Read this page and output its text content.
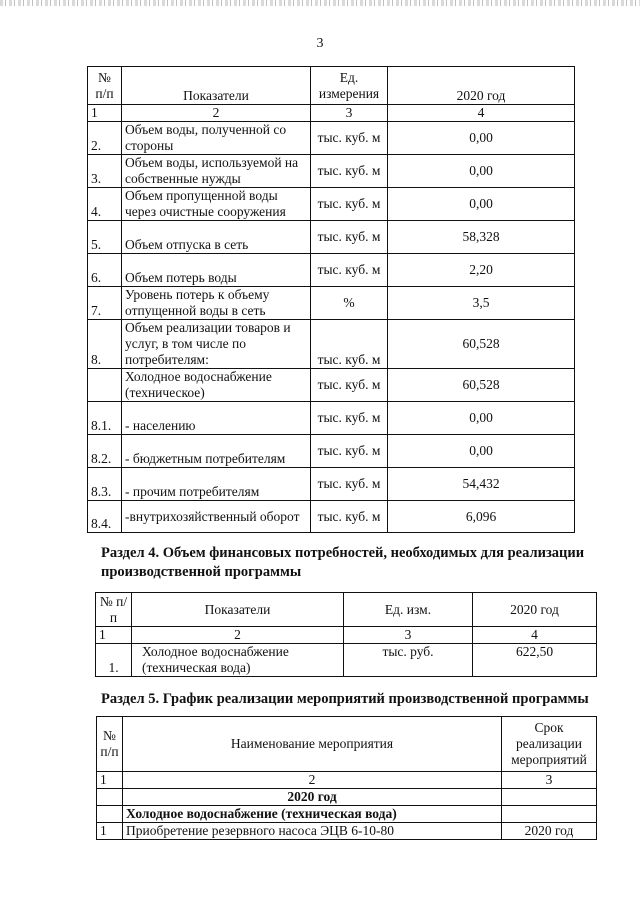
3
№ п/п	Показатели	Ед. измерения	2020 год
1	2	3	4
2.	Объем воды, полученной со стороны	тыс. куб. м	0,00
3.	Объем воды, используемой на собственные нужды	тыс. куб. м	0,00
4.	Объем пропущенной воды через очистные сооружения	тыс. куб. м	0,00
5.	Объем отпуска в сеть	тыс. куб. м	58,328
6.	Объем потерь воды	тыс. куб. м	2,20
7.	Уровень потерь к объему отпущенной воды в сеть	%	3,5
8.	Объем реализации товаров и услуг, в том числе по потребителям:	тыс. куб. м	60,528
	Холодное водоснабжение (техническое)	тыс. куб. м	60,528
8.1.	- населению	тыс. куб. м	0,00
8.2.	- бюджетным потребителям	тыс. куб. м	0,00
8.3.	- прочим потребителям	тыс. куб. м	54,432
8.4.	-внутрихозяйственный оборот	тыс. куб. м	6,096
Раздел 4. Объем финансовых потребностей, необходимых для реализации производственной программы
№ п/п	Показатели	Ед. изм.	2020 год
1	2	3	4
1.	Холодное водоснабжение (техническая вода)	тыс. руб.	622,50
Раздел 5. График реализации мероприятий производственной программы
№ п/п	Наименование мероприятия	Срок реализации мероприятий
1	2	3
	2020 год	
	Холодное водоснабжение (техническая вода)	
1	Приобретение резервного насоса ЭЦВ 6-10-80	2020 год
